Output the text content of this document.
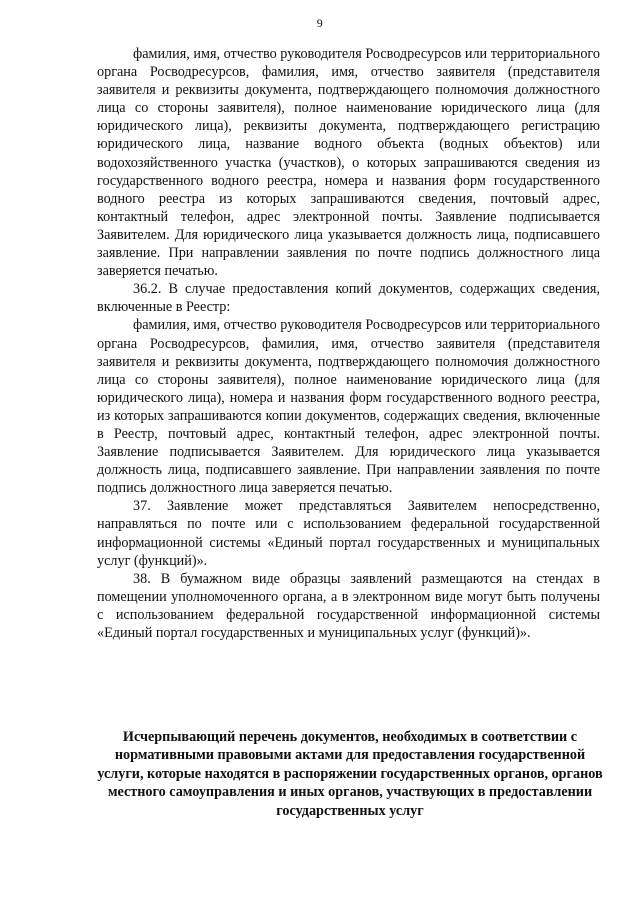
9

фамилия, имя, отчество руководителя Росводресурсов или территориального органа Росводресурсов, фамилия, имя, отчество заявителя (представителя заявителя и реквизиты документа, подтверждающего полномочия должностного лица со стороны заявителя), полное наименование юридического лица (для юридического лица), реквизиты документа, подтверждающего регистрацию юридического лица, название водного объекта (водных объектов) или водохозяйственного участка (участков), о которых запрашиваются сведения из государственного водного реестра, номера и названия форм государственного водного реестра из которых запрашиваются сведения, почтовый адрес, контактный телефон, адрес электронной почты. Заявление подписывается Заявителем. Для юридического лица указывается должность лица, подписавшего заявление. При направлении заявления по почте подпись должностного лица заверяется печатью.

36.2. В случае предоставления копий документов, содержащих сведения, включенные в Реестр:

фамилия, имя, отчество руководителя Росводресурсов или территориального органа Росводресурсов, фамилия, имя, отчество заявителя (представителя заявителя и реквизиты документа, подтверждающего полномочия должностного лица со стороны заявителя), полное наименование юридического лица (для юридического лица), номера и названия форм государственного водного реестра, из которых запрашиваются копии документов, содержащих сведения, включенные в Реестр, почтовый адрес, контактный телефон, адрес электронной почты. Заявление подписывается Заявителем. Для юридического лица указывается должность лица, подписавшего заявление. При направлении заявления по почте подпись должностного лица заверяется печатью.

37. Заявление может представляться Заявителем непосредственно, направляться по почте или с использованием федеральной государственной информационной системы «Единый портал государственных и муниципальных услуг (функций)».

38. В бумажном виде образцы заявлений размещаются на стендах в помещении уполномоченного органа, а в электронном виде могут быть получены с использованием федеральной государственной информационной системы «Единый портал государственных и муниципальных услуг (функций)».

Исчерпывающий перечень документов, необходимых в соответствии с нормативными правовыми актами для предоставления государственной услуги, которые находятся в распоряжении государственных органов, органов местного самоуправления и иных органов, участвующих в предоставлении государственных услуг
